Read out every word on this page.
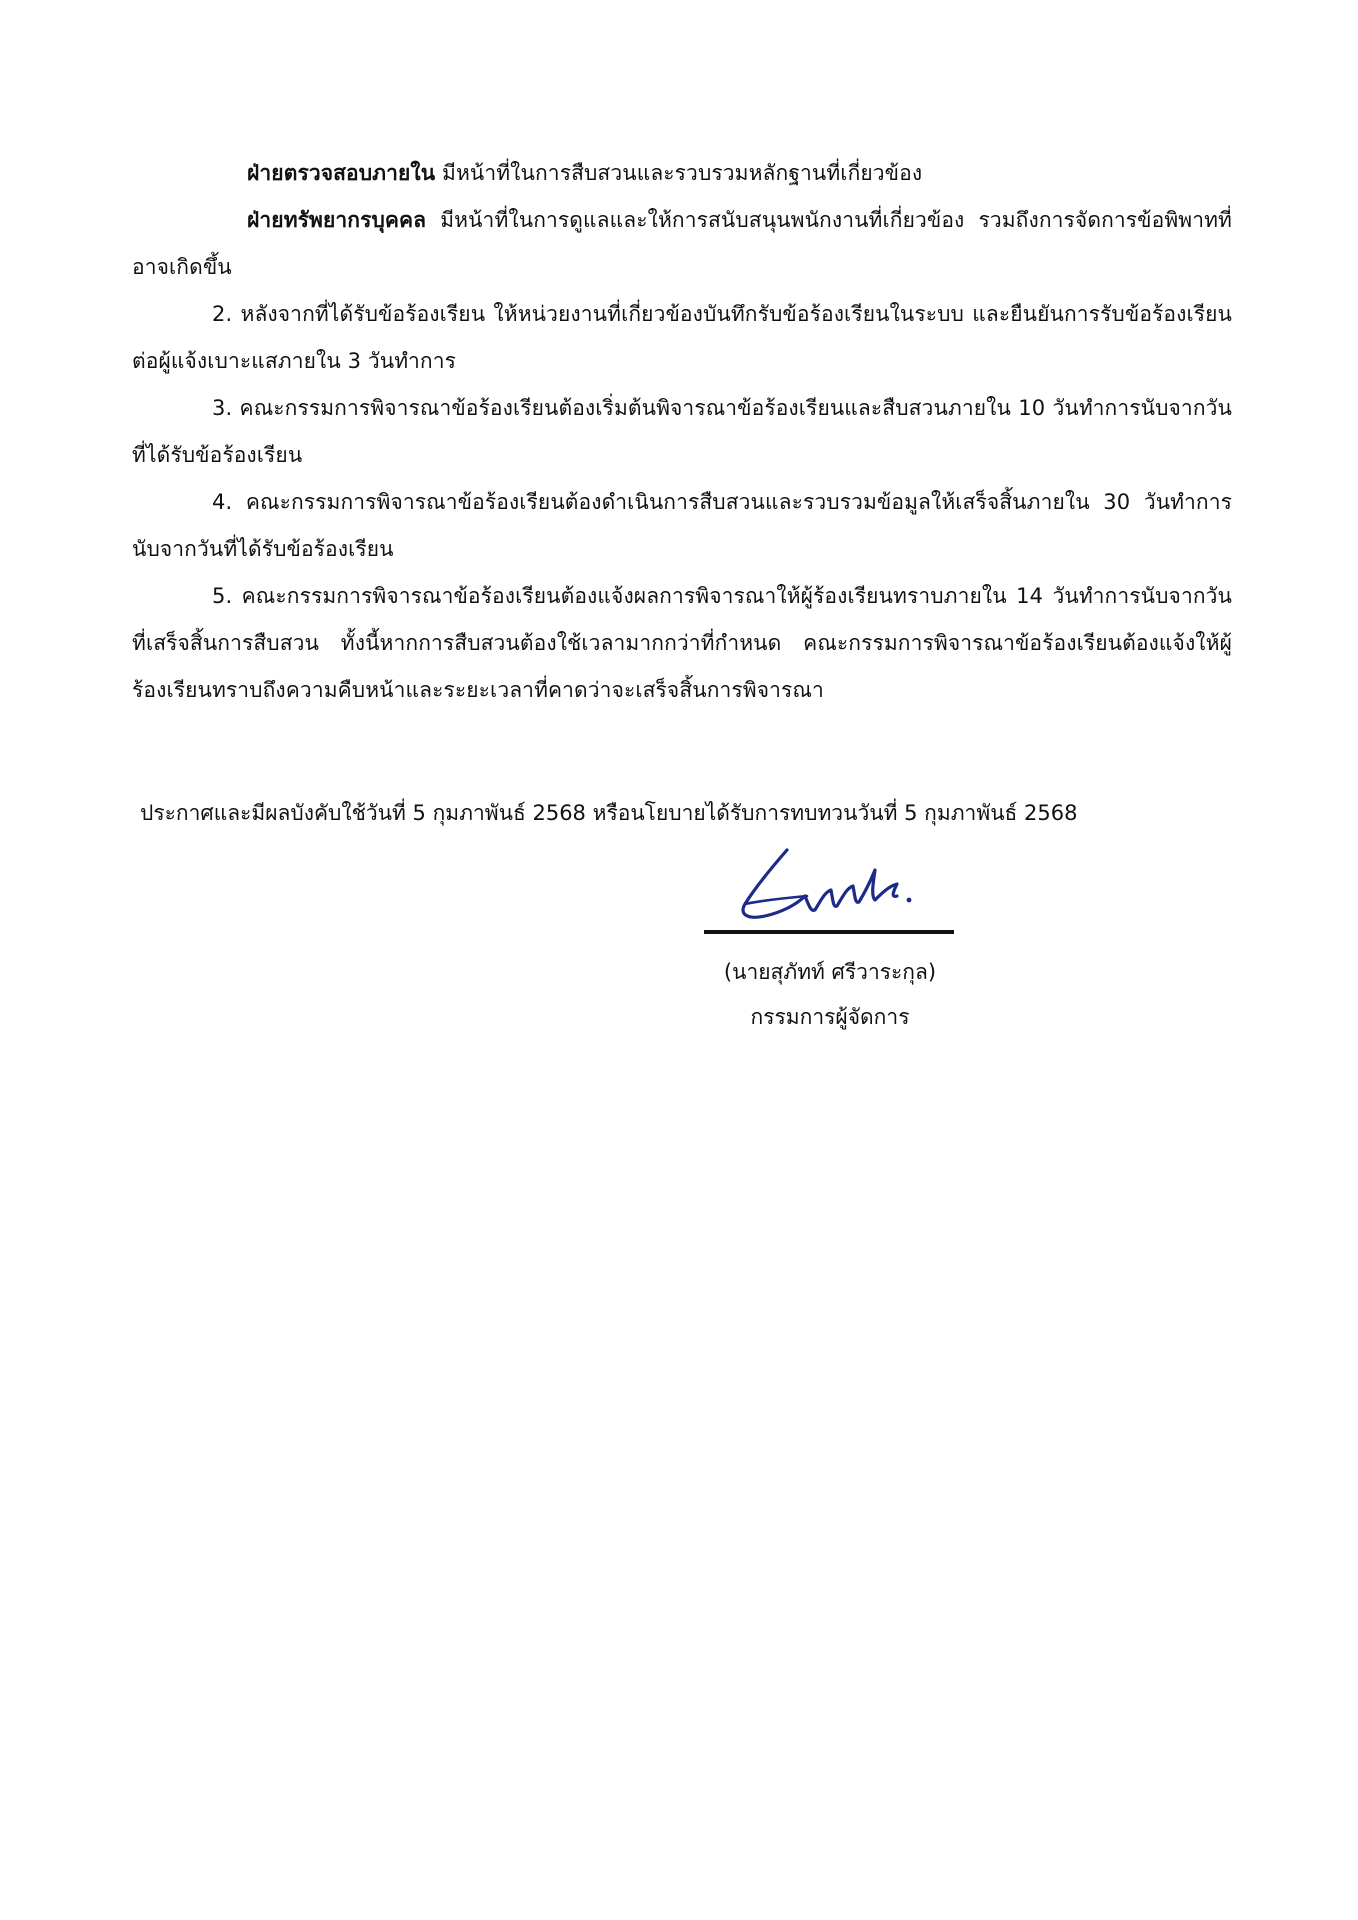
ฝ่ายตรวจสอบภายใน มีหน้าที่ในการสืบสวนและรวบรวมหลักฐานที่เกี่ยวข้อง

ฝ่ายทรัพยากรบุคคล มีหน้าที่ในการดูแลและให้การสนับสนุนพนักงานที่เกี่ยวข้อง รวมถึงการจัดการข้อพิพาทที่อาจเกิดขึ้น

2. หลังจากที่ได้รับข้อร้องเรียน ให้หน่วยงานที่เกี่ยวข้องบันทึกรับข้อร้องเรียนในระบบ และยืนยันการรับข้อร้องเรียนต่อผู้แจ้งเบาะแสภายใน 3 วันทำการ

3. คณะกรรมการพิจารณาข้อร้องเรียนต้องเริ่มต้นพิจารณาข้อร้องเรียนและสืบสวนภายใน 10 วันทำการนับจากวันที่ได้รับข้อร้องเรียน

4. คณะกรรมการพิจารณาข้อร้องเรียนต้องดำเนินการสืบสวนและรวบรวมข้อมูลให้เสร็จสิ้นภายใน 30 วันทำการนับจากวันที่ได้รับข้อร้องเรียน

5. คณะกรรมการพิจารณาข้อร้องเรียนต้องแจ้งผลการพิจารณาให้ผู้ร้องเรียนทราบภายใน 14 วันทำการนับจากวันที่เสร็จสิ้นการสืบสวน ทั้งนี้หากการสืบสวนต้องใช้เวลามากกว่าที่กำหนด คณะกรรมการพิจารณาข้อร้องเรียนต้องแจ้งให้ผู้ร้องเรียนทราบถึงความคืบหน้าและระยะเวลาที่คาดว่าจะเสร็จสิ้นการพิจารณา

ประกาศและมีผลบังคับใช้วันที่ 5 กุมภาพันธ์ 2568 หรือนโยบายได้รับการทบทวนวันที่ 5 กุมภาพันธ์ 2568
(นายสุภัทท์ ศรีวาระกุล)
กรรมการผู้จัดการ
